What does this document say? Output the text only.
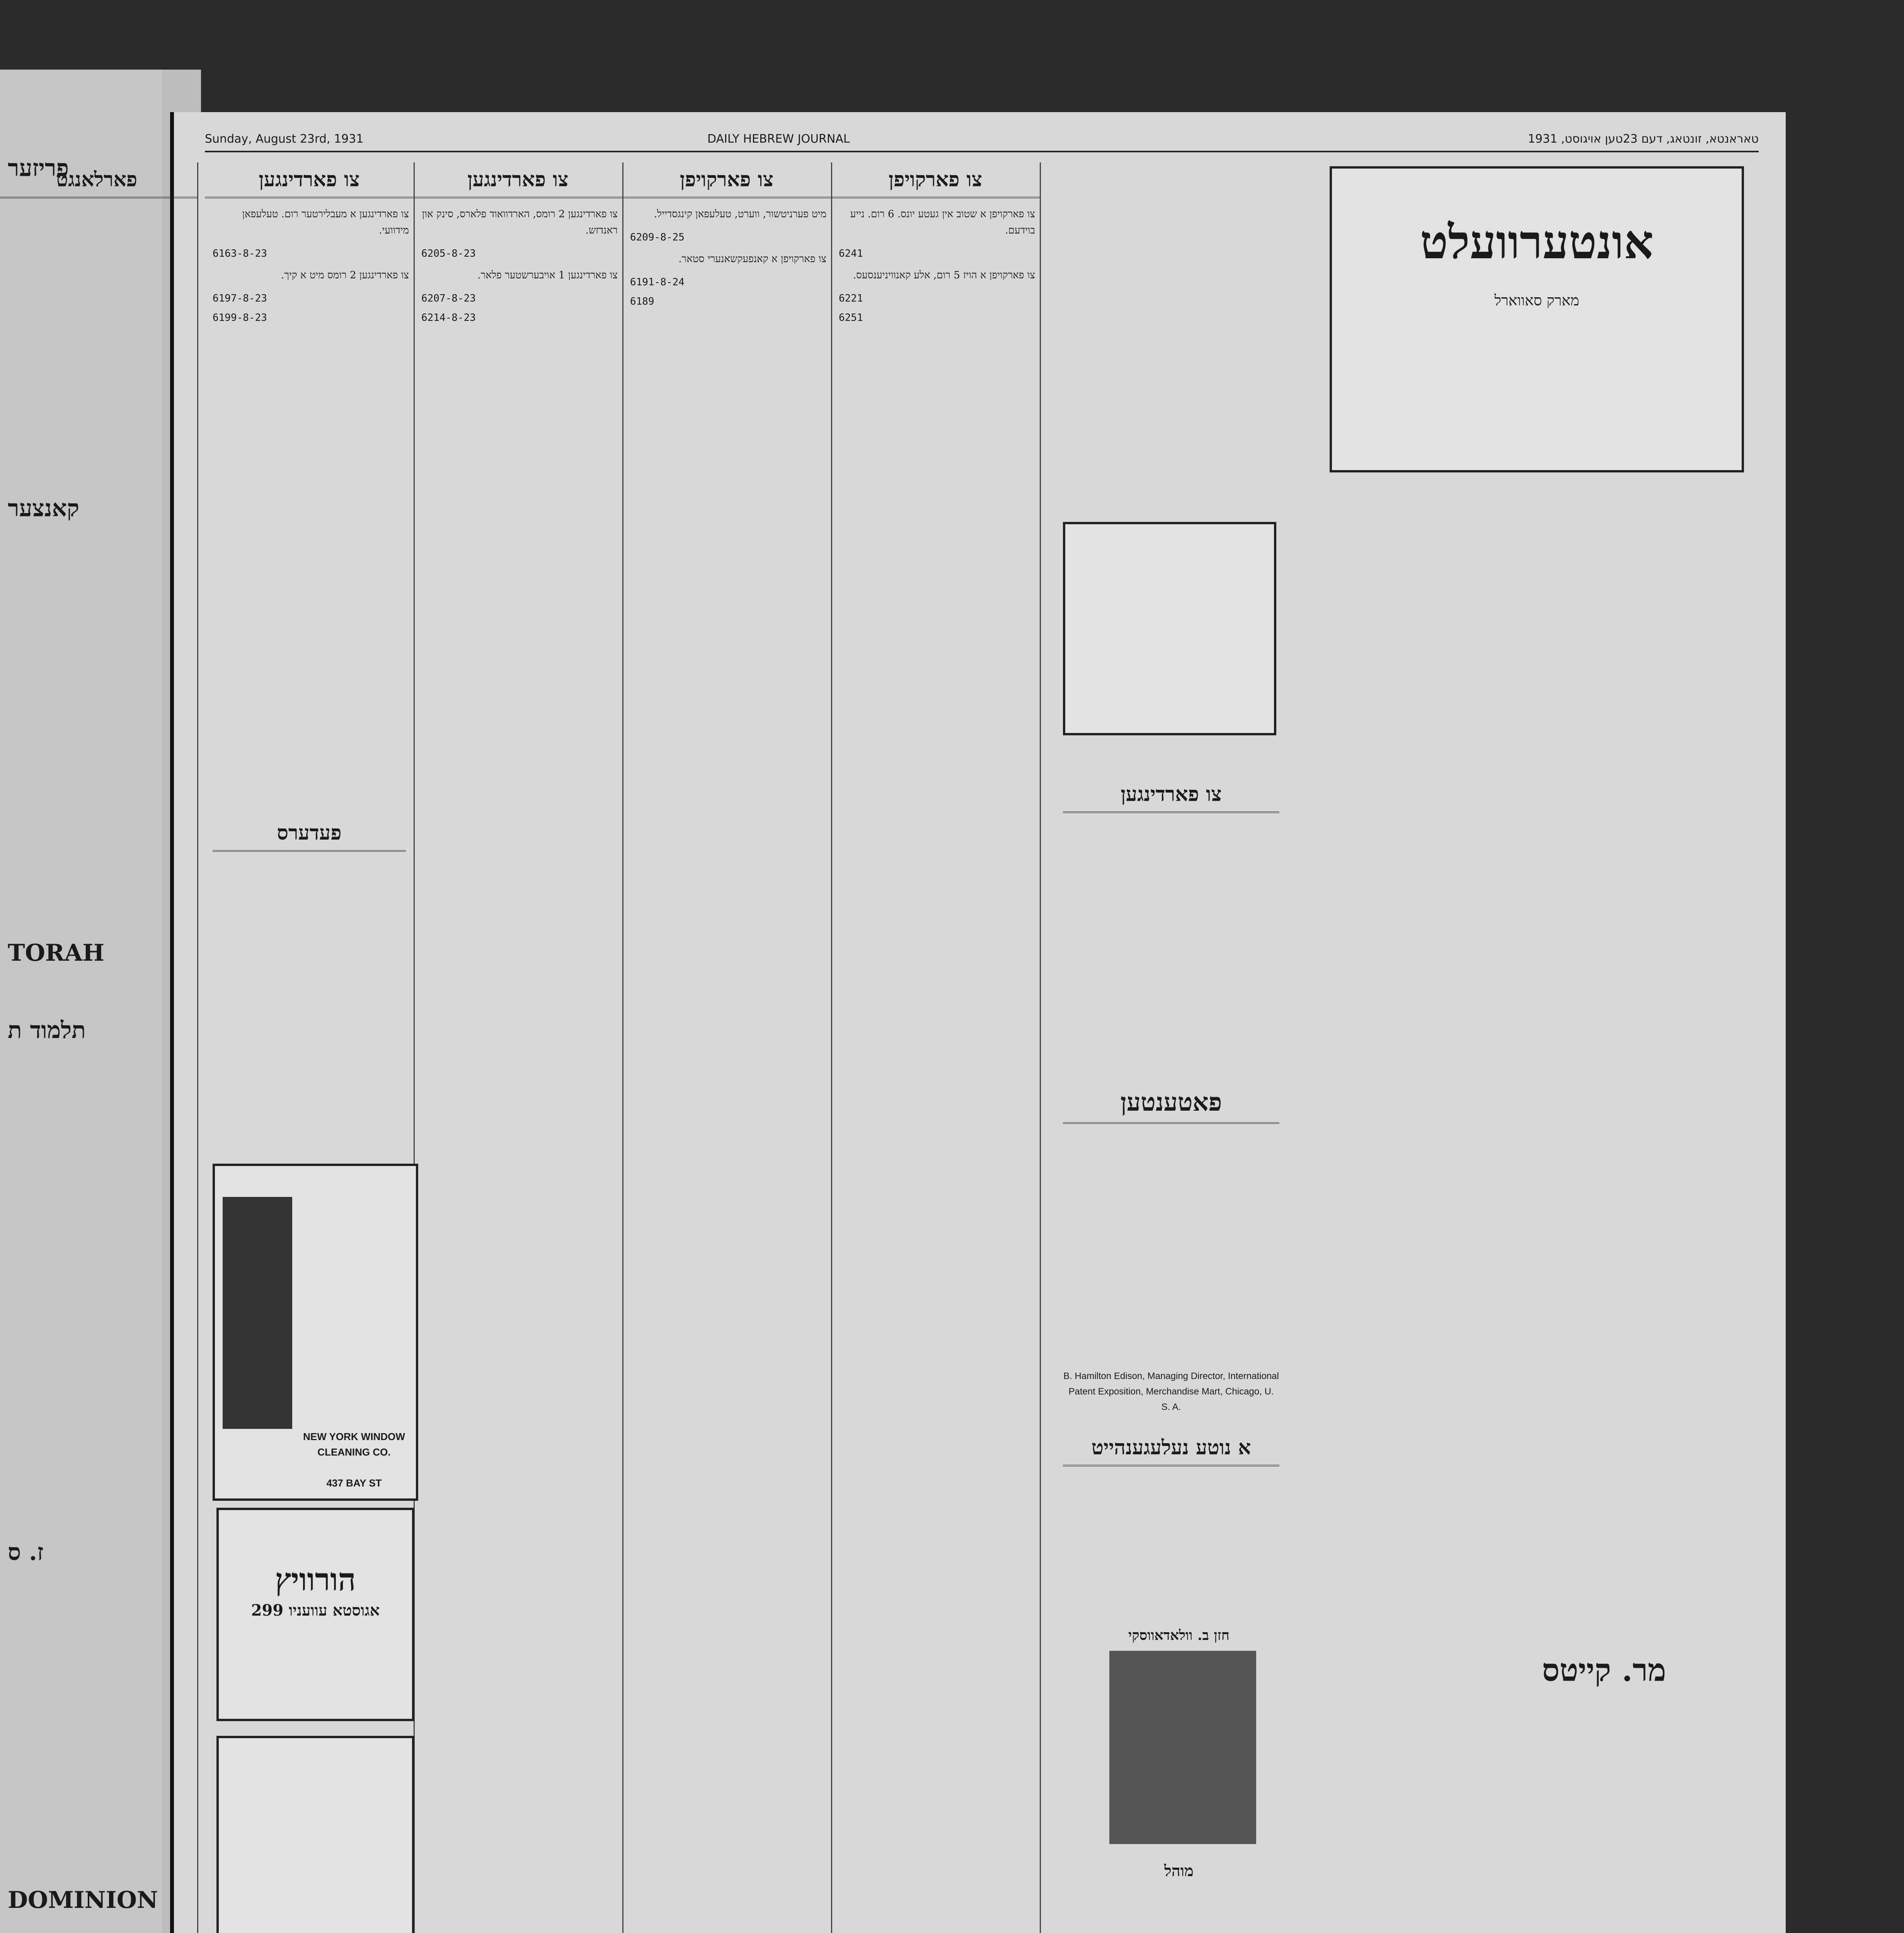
פריזער
קאנצער
TORAH
תלמוד ת
ז. ס
DOMINION
Sunday, August 23rd, 1931	DAILY HEBREW JOURNAL	טאראנטא, זונטאג, דעם 23טען אויגוסט, 1931
צו פארקויפן
צו פארקויפן א שטוב אין געטע יונס. 6 רום. נייע בוידעם.
6241
צו פארקויפן א הויז 5 רום, אלע קאנוויניענסעס.
6221
6251
צו פארקויפן
מיט פערניטשור, ווערט, טעלעפאן קינגסדייל.
6209-8-25
צו פארקויפן א קאנפעקשאנערי סטאר.
6191-8-24
6189
צו פארדינגען
צו פארדינגען 2 רומס, הארדוואוד פלארס, סינק און ראנדזש.
6205-8-23
צו פארדינגען 1 אויבערשטער פלאר.
6207-8-23
6214-8-23
צו פארדינגען
צו פארדינגען א מעבלירטער רום. טעלעפאן מידוועי.
6163-8-23
צו פארדינגען 2 רומס מיט א קיך.
6197-8-23
6199-8-23
פארלאנגט
אונטערוועלט
מארק סאווארל
צו פארדינגען
פאטענטען
B. Hamilton Edison, Managing Director, International Patent Exposition, Merchandise Mart, Chicago, U. S. A.
א נוטע נעלעגענהייט
חזן ב. וולאדאווסקי
מוהל
מר. קייטס
פעדערס
NEW YORK WINDOW CLEANING CO.
437 BAY ST
הורוויץ
299 אגוסטא עוועניו
